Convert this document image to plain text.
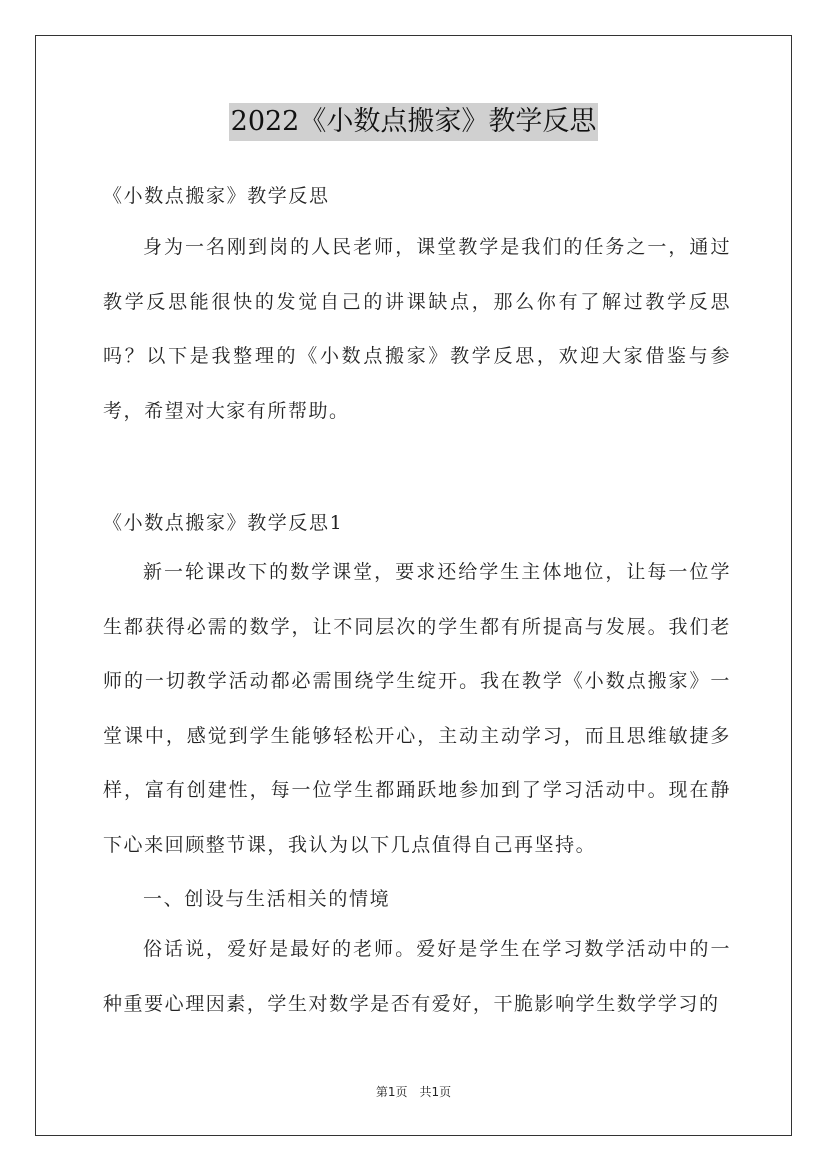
2022《小数点搬家》教学反思
《小数点搬家》教学反思

身为一名刚到岗的人民老师，课堂教学是我们的任务之一，通过教学反思能很快的发觉自己的讲课缺点，那么你有了解过教学反思吗？以下是我整理的《小数点搬家》教学反思，欢迎大家借鉴与参考，希望对大家有所帮助。

《小数点搬家》教学反思1

新一轮课改下的数学课堂，要求还给学生主体地位，让每一位学生都获得必需的数学，让不同层次的学生都有所提高与发展。我们老师的一切教学活动都必需围绕学生绽开。我在教学《小数点搬家》一堂课中，感觉到学生能够轻松开心，主动主动学习，而且思维敏捷多样，富有创建性，每一位学生都踊跃地参加到了学习活动中。现在静下心来回顾整节课，我认为以下几点值得自己再坚持。

一、创设与生活相关的情境

俗话说，爱好是最好的老师。爱好是学生在学习数学活动中的一种重要心理因素，学生对数学是否有爱好，干脆影响学生数学学习的

第1页　共1页
